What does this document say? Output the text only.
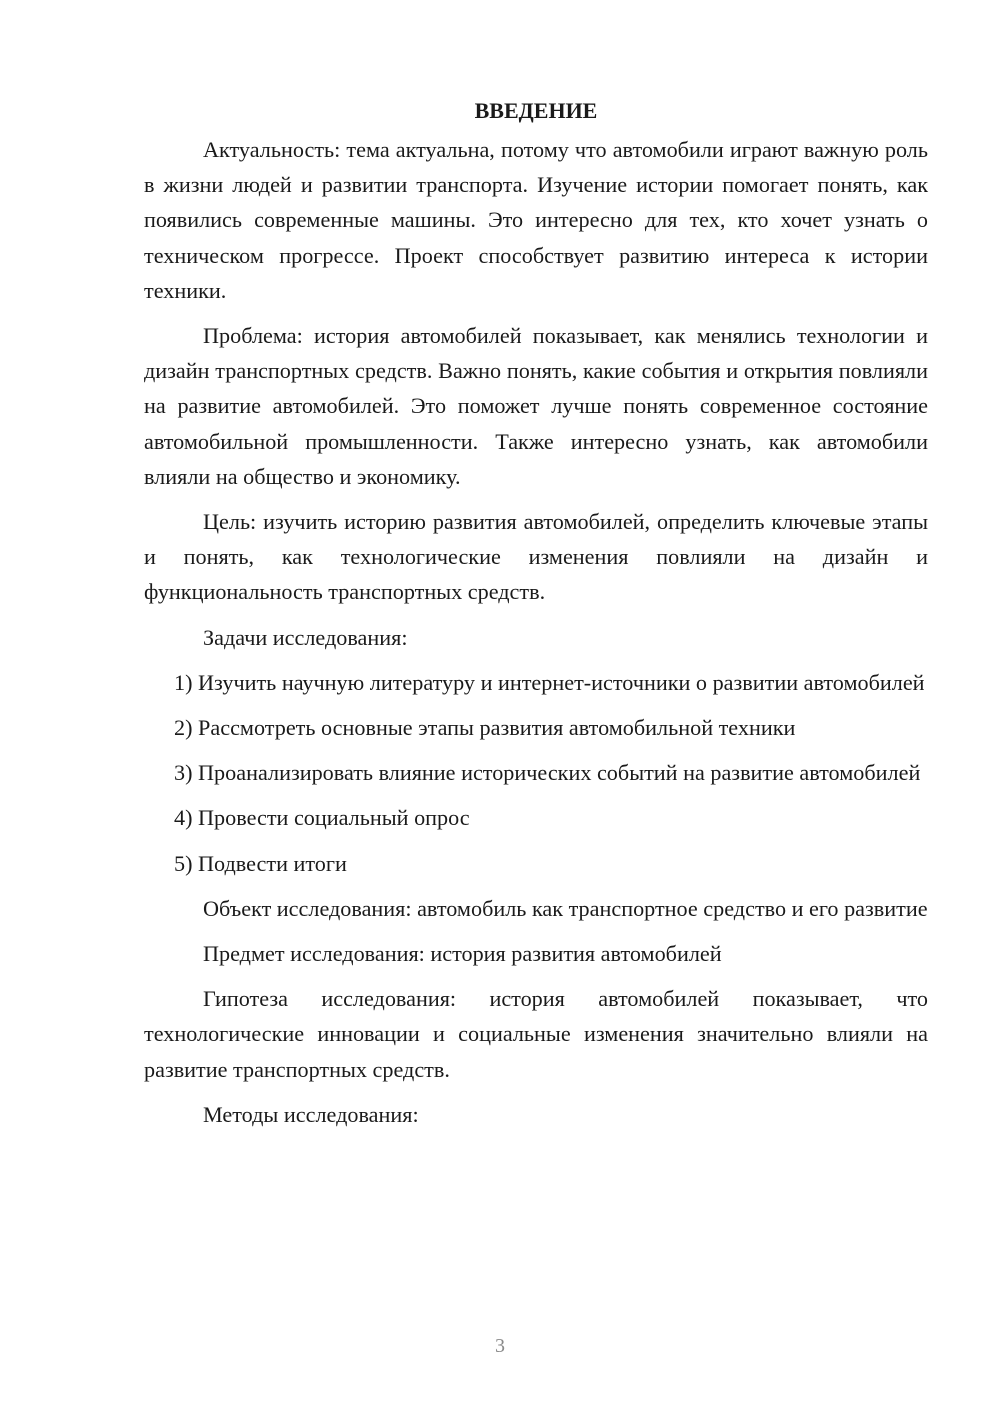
ВВЕДЕНИЕ

Актуальность: тема актуальна, потому что автомобили играют важную роль в жизни людей и развитии транспорта. Изучение истории помогает понять, как появились современные машины. Это интересно для тех, кто хочет узнать о техническом прогрессе. Проект способствует развитию интереса к истории техники.

Проблема: история автомобилей показывает, как менялись технологии и дизайн транспортных средств. Важно понять, какие события и открытия повлияли на развитие автомобилей. Это поможет лучше понять современное состояние автомобильной промышленности. Также интересно узнать, как автомобили влияли на общество и экономику.

Цель: изучить историю развития автомобилей, определить ключевые этапы и понять, как технологические изменения повлияли на дизайн и функциональность транспортных средств.

Задачи исследования:

1) Изучить научную литературу и интернет-источники о развитии автомобилей

2) Рассмотреть основные этапы развития автомобильной техники

3) Проанализировать влияние исторических событий на развитие автомобилей

4) Провести социальный опрос

5) Подвести итоги

Объект исследования: автомобиль как транспортное средство и его развитие

Предмет исследования: история развития автомобилей

Гипотеза исследования: история автомобилей показывает, что технологические инновации и социальные изменения значительно влияли на развитие транспортных средств.

Методы исследования:

3
